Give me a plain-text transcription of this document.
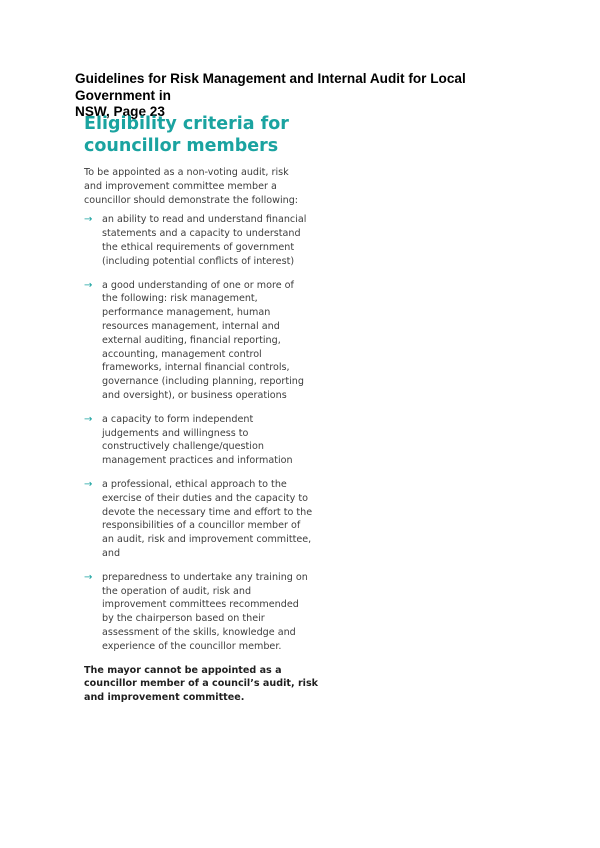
Guidelines for Risk Management and Internal Audit for Local Government in
NSW, Page 23
Eligibility criteria for
councillor members
To be appointed as a non-voting audit, risk
and improvement committee member a
councillor should demonstrate the following:
→	an ability to read and understand financial
statements and a capacity to understand
the ethical requirements of government
(including potential conflicts of interest)
→	a good understanding of one or more of
the following: risk management,
performance management, human
resources management, internal and
external auditing, financial reporting,
accounting, management control
frameworks, internal financial controls,
governance (including planning, reporting
and oversight), or business operations
→	a capacity to form independent
judgements and willingness to
constructively challenge/question
management practices and information
→	a professional, ethical approach to the
exercise of their duties and the capacity to
devote the necessary time and effort to the
responsibilities of a councillor member of
an audit, risk and improvement committee,
and
→	preparedness to undertake any training on
the operation of audit, risk and
improvement committees recommended
by the chairperson based on their
assessment of the skills, knowledge and
experience of the councillor member.
The mayor cannot be appointed as a
councillor member of a council’s audit, risk
and improvement committee.
